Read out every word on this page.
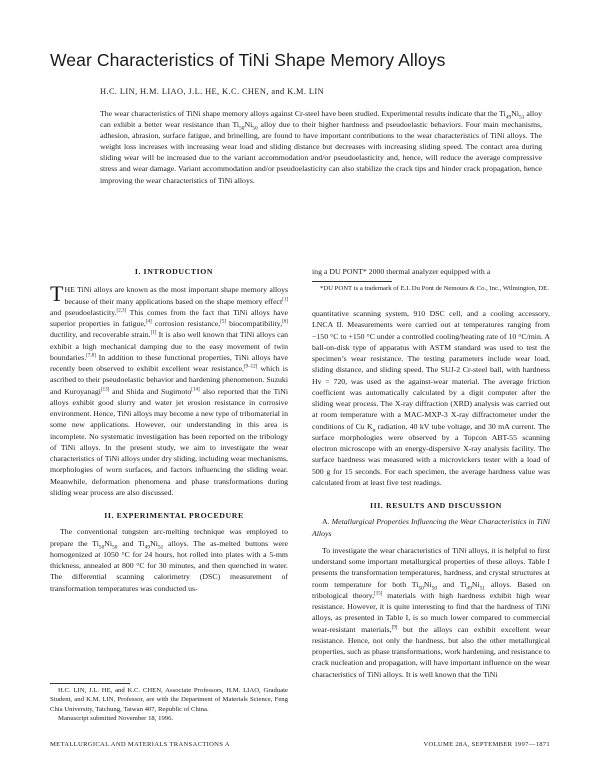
Wear Characteristics of TiNi Shape Memory Alloys

H.C. LIN, H.M. LIAO, J.L. HE, K.C. CHEN, and K.M. LIN

The wear characteristics of TiNi shape memory alloys against Cr-steel have been studied. Experimental results indicate that the $Ti_{49}Ni_{51}$ alloy can exhibit a better wear resistance than $Ti_{50}Ni_{50}$ alloy due to their higher hardness and pseudoelastic behaviors. Four main mechanisms, adhesion, abrasion, surface fatigue, and brinelling, are found to have important contributions to the wear characteristics of TiNi alloys. The weight loss increases with increasing wear load and sliding distance but decreases with increasing sliding speed. The contact area during sliding wear will be increased due to the variant accommodation and/or pseudoelasticity and, hence, will reduce the average compressive stress and wear damage. Variant accommodation and/or pseudoelasticity can also stabilize the crack tips and hinder crack propagation, hence improving the wear characteristics of TiNi alloys.

I. INTRODUCTION

THE TiNi alloys are known as the most important shape memory alloys because of their many applications based on the shape memory effect[1] and pseudoelasticity.[2,3] This comes from the fact that TiNi alloys have superior properties in fatigue,[4] corrosion resistance,[5] biocompatibility,[6] ductility, and recoverable strain.[1] It is also well known that TiNi alloys can exhibit a high mechanical damping due to the easy movement of twin boundaries.[7,8] In addition to these functional properties, TiNi alloys have recently been observed to exhibit excellent wear resistance,[9–12] which is ascribed to their pseudoelastic behavior and hardening phenomenon. Suzuki and Kuroyanagi[13] and Shida and Sugimoto[14] also reported that the TiNi alloys exhibit good slurry and water jet erosion resistance in corrosive environment. Hence, TiNi alloys may become a new type of tribomaterial in some new applications. However, our understanding in this area is incomplete. No systematic investigation has been reported on the tribology of TiNi alloys. In the present study, we aim to investigate the wear characteristics of TiNi alloys under dry sliding, including wear mechanisms, morphologies of worn surfaces, and factors influencing the sliding wear. Meanwhile, deformation phenomena and phase transformations during sliding wear process are also discussed.

II. EXPERIMENTAL PROCEDURE

The conventional tungsten arc-melting technique was employed to prepare the $Ti_{50}Ni_{50}$ and $Ti_{49}Ni_{51}$ alloys. The as-melted buttons were homogenized at 1050 °C for 24 hours, hot rolled into plates with a 5-mm thickness, annealed at 800 °C for 30 minutes, and then quenched in water. The differential scanning calorimetry (DSC) measurement of transformation temperatures was conducted us-

H.C. LIN, J.L. HE, and K.C. CHEN, Associate Professors, H.M. LIAO, Graduate Student, and K.M. LIN, Professor, are with the Department of Materials Science, Feng Chia University, Taichung, Taiwan 407, Republic of China.

Manuscript submitted November 18, 1996.

ing a DU PONT* 2000 thermal analyzer equipped with a

*DU PONT is a trademark of E.I. Du Pont de Nemours & Co., Inc., Wilmington, DE.

quantitative scanning system, 910 DSC cell, and a cooling accessory, LNCA II. Measurements were carried out at temperatures ranging from −150 °C to +150 °C under a controlled cooling/heating rate of 10 °C/min. A ball-on-disk type of apparatus with ASTM standard was used to test the specimen’s wear resistance. The testing parameters include wear load, sliding distance, and sliding speed. The SUJ-2 Cr-steel ball, with hardness Hv = 720, was used as the against-wear material. The average friction coefficient was automatically calculated by a digit computer after the sliding wear process. The X-ray diffraction (XRD) analysis was carried out at room temperature with a MAC-MXP-3 X-ray diffractometer under the conditions of Cu $K_\alpha$ radiation, 40 kV tube voltage, and 30 mA current. The surface morphologies were observed by a Topcon ABT-55 scanning electron microscope with an energy-dispersive X-ray analysis facility. The surface hardness was measured with a microvickers tester with a load of 500 g for 15 seconds. For each specimen, the average hardness value was calculated from at least five test readings.

III. RESULTS AND DISCUSSION

A. Metallurgical Properties Influencing the Wear Characteristics in TiNi Alloys

To investigate the wear characteristics of TiNi alloys, it is helpful to first understand some important metallurgical properties of these alloys. Table I presents the transformation temperatures, hardness, and crystal structures at room temperature for both $Ti_{50}Ni_{50}$ and $Ti_{49}Ni_{51}$ alloys. Based on tribological theory,[15] materials with high hardness exhibit high wear resistance. However, it is quite interesting to find that the hardness of TiNi alloys, as presented in Table I, is so much lower compared to commercial wear-resistant materials,[9] but the alloys can exhibit excellent wear resistance. Hence, not only the hardness, but also the other metallurgical properties, such as phase transformations, work hardening, and resistance to crack nucleation and propagation, will have important influence on the wear characteristics of TiNi alloys. It is well known that the TiNi

METALLURGICAL AND MATERIALS TRANSACTIONS A	VOLUME 28A, SEPTEMBER 1997—1871
